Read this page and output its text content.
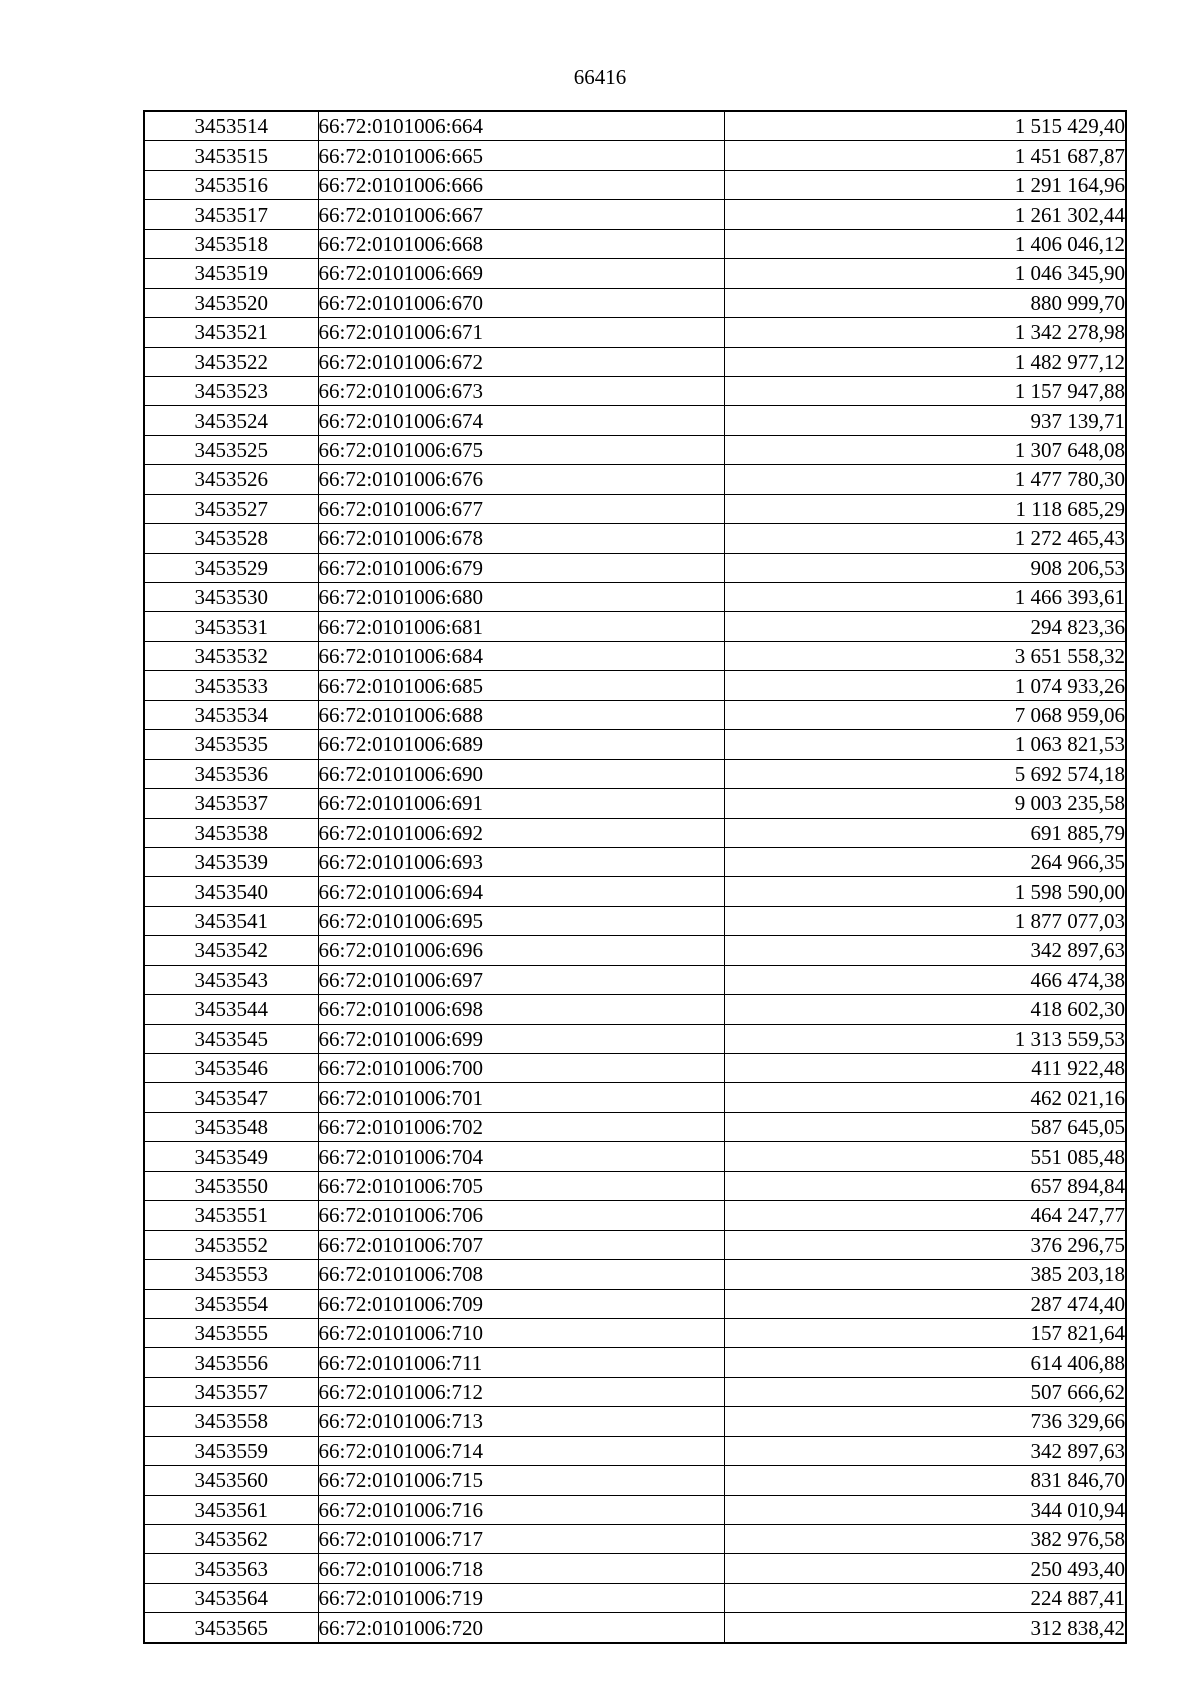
66416
3453514	66:72:0101006:664	1 515 429,40
3453515	66:72:0101006:665	1 451 687,87
3453516	66:72:0101006:666	1 291 164,96
3453517	66:72:0101006:667	1 261 302,44
3453518	66:72:0101006:668	1 406 046,12
3453519	66:72:0101006:669	1 046 345,90
3453520	66:72:0101006:670	880 999,70
3453521	66:72:0101006:671	1 342 278,98
3453522	66:72:0101006:672	1 482 977,12
3453523	66:72:0101006:673	1 157 947,88
3453524	66:72:0101006:674	937 139,71
3453525	66:72:0101006:675	1 307 648,08
3453526	66:72:0101006:676	1 477 780,30
3453527	66:72:0101006:677	1 118 685,29
3453528	66:72:0101006:678	1 272 465,43
3453529	66:72:0101006:679	908 206,53
3453530	66:72:0101006:680	1 466 393,61
3453531	66:72:0101006:681	294 823,36
3453532	66:72:0101006:684	3 651 558,32
3453533	66:72:0101006:685	1 074 933,26
3453534	66:72:0101006:688	7 068 959,06
3453535	66:72:0101006:689	1 063 821,53
3453536	66:72:0101006:690	5 692 574,18
3453537	66:72:0101006:691	9 003 235,58
3453538	66:72:0101006:692	691 885,79
3453539	66:72:0101006:693	264 966,35
3453540	66:72:0101006:694	1 598 590,00
3453541	66:72:0101006:695	1 877 077,03
3453542	66:72:0101006:696	342 897,63
3453543	66:72:0101006:697	466 474,38
3453544	66:72:0101006:698	418 602,30
3453545	66:72:0101006:699	1 313 559,53
3453546	66:72:0101006:700	411 922,48
3453547	66:72:0101006:701	462 021,16
3453548	66:72:0101006:702	587 645,05
3453549	66:72:0101006:704	551 085,48
3453550	66:72:0101006:705	657 894,84
3453551	66:72:0101006:706	464 247,77
3453552	66:72:0101006:707	376 296,75
3453553	66:72:0101006:708	385 203,18
3453554	66:72:0101006:709	287 474,40
3453555	66:72:0101006:710	157 821,64
3453556	66:72:0101006:711	614 406,88
3453557	66:72:0101006:712	507 666,62
3453558	66:72:0101006:713	736 329,66
3453559	66:72:0101006:714	342 897,63
3453560	66:72:0101006:715	831 846,70
3453561	66:72:0101006:716	344 010,94
3453562	66:72:0101006:717	382 976,58
3453563	66:72:0101006:718	250 493,40
3453564	66:72:0101006:719	224 887,41
3453565	66:72:0101006:720	312 838,42
